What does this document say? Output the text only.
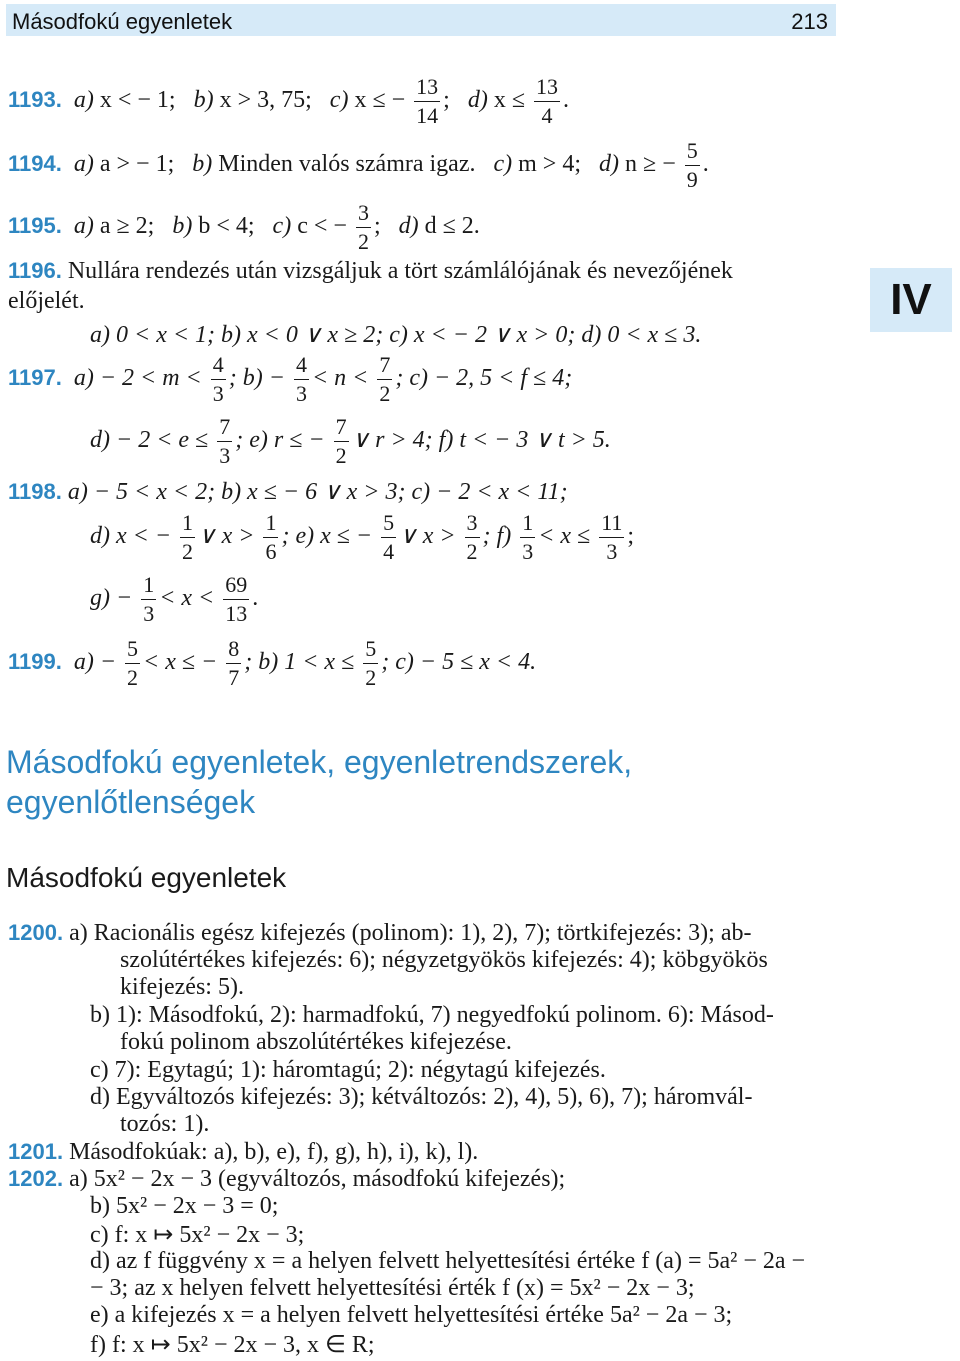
Másodfokú egyenletek	213
IV
1193. a) x < − 1; b) x > 3, 75; c) x ≤ − $\frac{13}{14}$ ; d) $x \le \frac{13}{4}$ .
1194. a) a > − 1; b) Minden valós számra igaz. c) m > 4; d) n ≥ − $\frac{5}{9}$ .
1195. a) a ≥ 2; b) b < 4; c) c < − $\frac{3}{2}$ ; d) d ≤ 2.
1196. Nullára rendezés után vizsgáljuk a tört számlálójának és nevezőjének
előjelét.
a) 0 < x < 1; b) x < 0 ∨ x ≥ 2; c) x < − 2 ∨ x > 0; d) 0 < x ≤ 3.
1197. $a) - 2 < m < \frac{4}{3}$ ; $b) - \frac{4}{3} < n < \frac{7}{2}$ ; c) − 2, 5 < f ≤ 4;
$d) - 2 < e \le \frac{7}{3}$ ; e) r ≤ − $\frac{7}{2}$ ∨ r > 4; f) t < − 3 ∨ t > 5.
1198. a) − 5 < x < 2; b) x ≤ − 6 ∨ x > 3; c) − 2 < x < 11;
d) x < − $\frac{1}{2}$ ∨ $x > \frac{1}{6}$ ; e) x ≤ − $\frac{5}{4}$ ∨ $x > \frac{3}{2}$ ; $f) \frac{1}{3} < x \le \frac{11}{3}$ ;
$g) - \frac{1}{3} < x < \frac{69}{13}$ .
1199. $a) - \frac{5}{2} < x$ ≤ − $\frac{8}{7}$ ; b) $1 < x \le \frac{5}{2}$ ; c) − 5 ≤ x < 4.
Másodfokú egyenletek, egyenletrendszerek,
egyenlőtlenségek
Másodfokú egyenletek
1200. a) Racionális egész kifejezés (polinom): 1), 2), 7); törtkifejezés: 3); ab-
szolútértékes kifejezés: 6); négyzetgyökös kifejezés: 4); köbgyökös
kifejezés: 5).
b) 1): Másodfokú, 2): harmadfokú, 7) negyedfokú polinom. 6): Másod-
fokú polinom abszolútértékes kifejezése.
c) 7): Egytagú; 1): háromtagú; 2): négytagú kifejezés.
d) Egyváltozós kifejezés: 3); kétváltozós: 2), 4), 5), 6), 7); háromvál-
tozós: 1).
1201. Másodfokúak: a), b), e), f), g), h), i), k), l).
1202. a) 5x² − 2x − 3 (egyváltozós, másodfokú kifejezés);
b) 5x² − 2x − 3 = 0;
c) f: x ↦ 5x² − 2x − 3;
d) az f függvény x = a helyen felvett helyettesítési értéke f (a) = 5a² − 2a −
− 3; az x helyen felvett helyettesítési érték f (x) = 5x² − 2x − 3;
e) a kifejezés x = a helyen felvett helyettesítési értéke 5a² − 2a − 3;
f) f: x ↦ 5x² − 2x − 3, x ∈ R;
